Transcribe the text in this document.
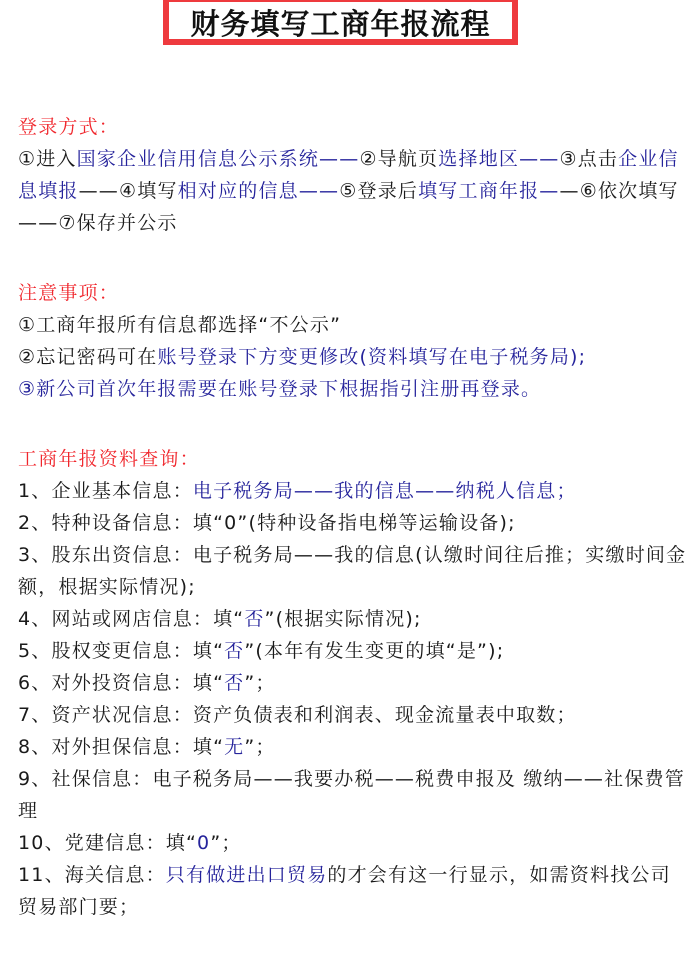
财务填写工商年报流程
登录方式：
①进入国家企业信用信息公示系统——②导航页选择地区——③点击企业信息填报——④填写相对应的信息——⑤登录后填写工商年报——⑥依次填写——⑦保存并公示
注意事项：
①工商年报所有信息都选择“不公示”
②忘记密码可在账号登录下方变更修改(资料填写在电子税务局);
③新公司首次年报需要在账号登录下根据指引注册再登录。
工商年报资料查询：
1、企业基本信息：电子税务局——我的信息——纳税人信息；
2、特种设备信息：填“0”(特种设备指电梯等运输设备);
3、股东出资信息：电子税务局——我的信息(认缴时间往后推；实缴时间金额，根据实际情况);
4、网站或网店信息：填“否”(根据实际情况);
5、股权变更信息：填“否”(本年有发生变更的填“是”);
6、对外投资信息：填“否”；
7、资产状况信息：资产负债表和利润表、现金流量表中取数；
8、对外担保信息：填“无”；
9、社保信息：电子税务局——我要办税——税费申报及 缴纳——社保费管理
10、党建信息：填“0”；
11、海关信息：只有做进出口贸易的才会有这一行显示，如需资料找公司贸易部门要；
